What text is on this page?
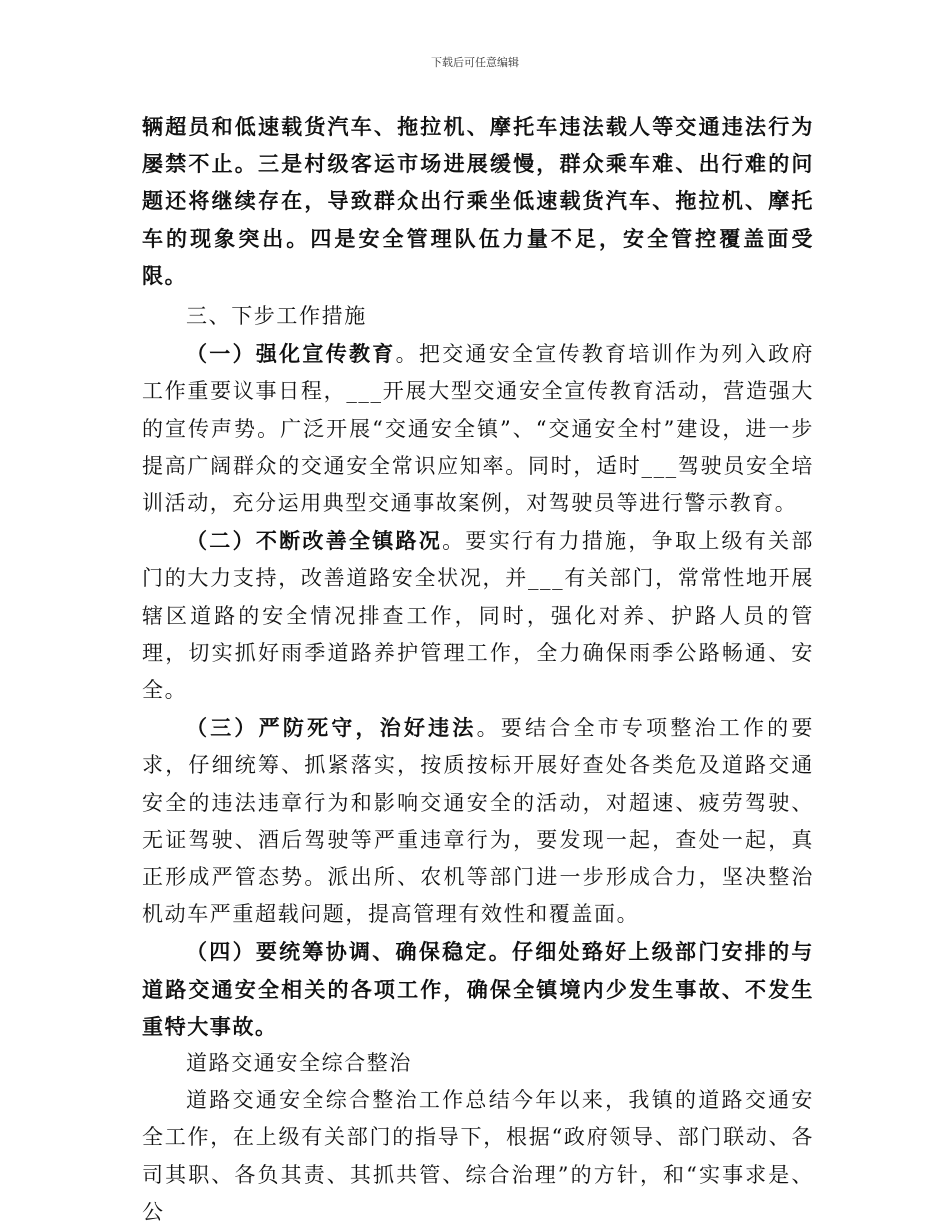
下载后可任意编辑

辆超员和低速载货汽车、拖拉机、摩托车违法载人等交通违法行为屡禁不止。三是村级客运市场进展缓慢，群众乘车难、出行难的问题还将继续存在，导致群众出行乘坐低速载货汽车、拖拉机、摩托车的现象突出。四是安全管理队伍力量不足，安全管控覆盖面受限。

三、下步工作措施

（一）强化宣传教育。把交通安全宣传教育培训作为列入政府工作重要议事日程，___开展大型交通安全宣传教育活动，营造强大的宣传声势。广泛开展“交通安全镇”、“交通安全村”建设，进一步提高广阔群众的交通安全常识应知率。同时，适时___驾驶员安全培训活动，充分运用典型交通事故案例，对驾驶员等进行警示教育。

（二）不断改善全镇路况。要实行有力措施，争取上级有关部门的大力支持，改善道路安全状况，并___有关部门，常常性地开展辖区道路的安全情况排查工作，同时，强化对养、护路人员的管理，切实抓好雨季道路养护管理工作，全力确保雨季公路畅通、安全。

（三）严防死守，治好违法。要结合全市专项整治工作的要求，仔细统筹、抓紧落实，按质按标开展好查处各类危及道路交通安全的违法违章行为和影响交通安全的活动，对超速、疲劳驾驶、无证驾驶、酒后驾驶等严重违章行为，要发现一起，查处一起，真正形成严管态势。派出所、农机等部门进一步形成合力，坚决整治机动车严重超载问题，提高管理有效性和覆盖面。

（四）要统筹协调、确保稳定。仔细处臵好上级部门安排的与道路交通安全相关的各项工作，确保全镇境内少发生事故、不发生重特大事故。

道路交通安全综合整治

道路交通安全综合整治工作总结今年以来，我镇的道路交通安全工作，在上级有关部门的指导下，根据“政府领导、部门联动、各司其职、各负其责、其抓共管、综合治理”的方针，和“实事求是、公
